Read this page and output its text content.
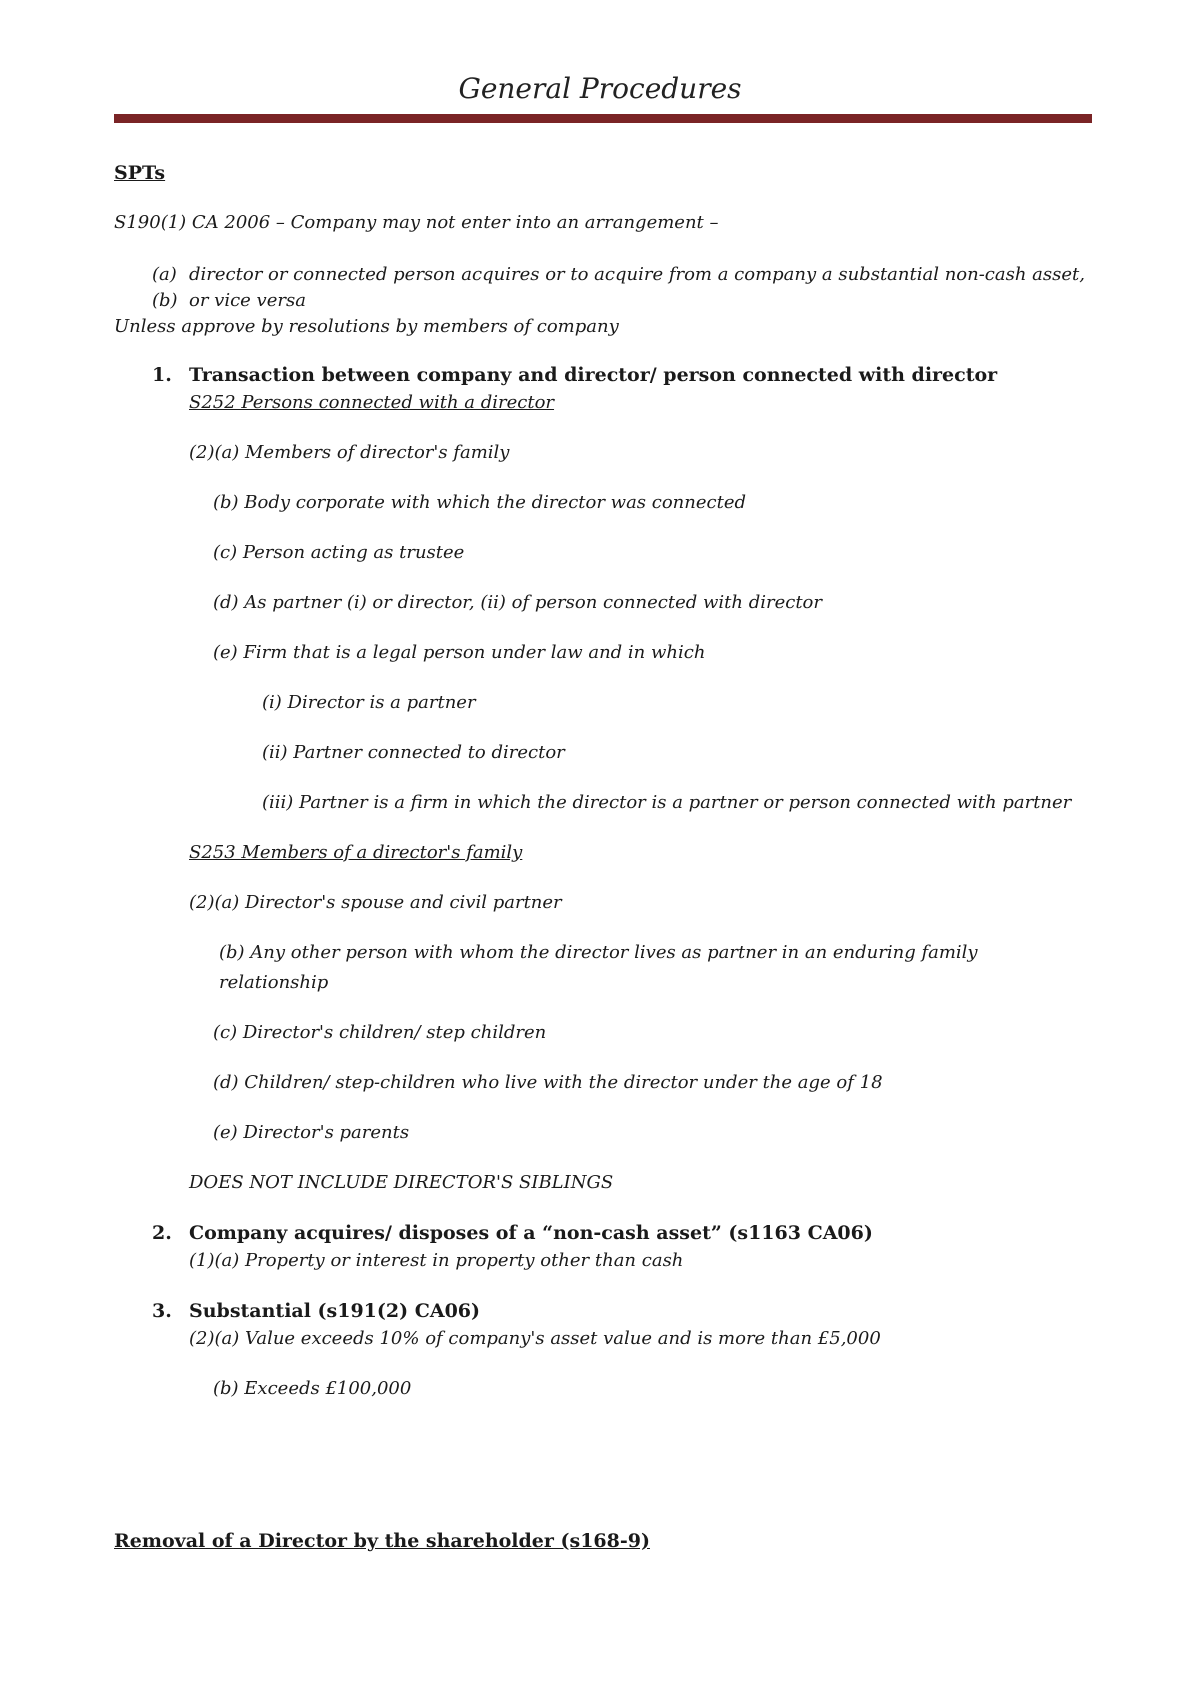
General Procedures
SPTs
S190(1) CA 2006 – Company may not enter into an arrangement –
(a) director or connected person acquires or to acquire from a company a substantial non-cash asset,
(b) or vice versa
Unless approve by resolutions by members of company
1. Transaction between company and director/ person connected with director
S252 Persons connected with a director
(2)(a) Members of director's family
(b) Body corporate with which the director was connected
(c) Person acting as trustee
(d) As partner (i) or director, (ii) of person connected with director
(e) Firm that is a legal person under law and in which
(i) Director is a partner
(ii) Partner connected to director
(iii) Partner is a firm in which the director is a partner or person connected with partner
S253 Members of a director's family
(2)(a) Director's spouse and civil partner
(b) Any other person with whom the director lives as partner in an enduring family
relationship
(c) Director's children/ step children
(d) Children/ step-children who live with the director under the age of 18
(e) Director's parents
DOES NOT INCLUDE DIRECTOR'S SIBLINGS
2. Company acquires/ disposes of a “non-cash asset” (s1163 CA06)
(1)(a) Property or interest in property other than cash
3. Substantial (s191(2) CA06)
(2)(a) Value exceeds 10% of company's asset value and is more than £5,000
(b) Exceeds £100,000
Removal of a Director by the shareholder (s168-9)
